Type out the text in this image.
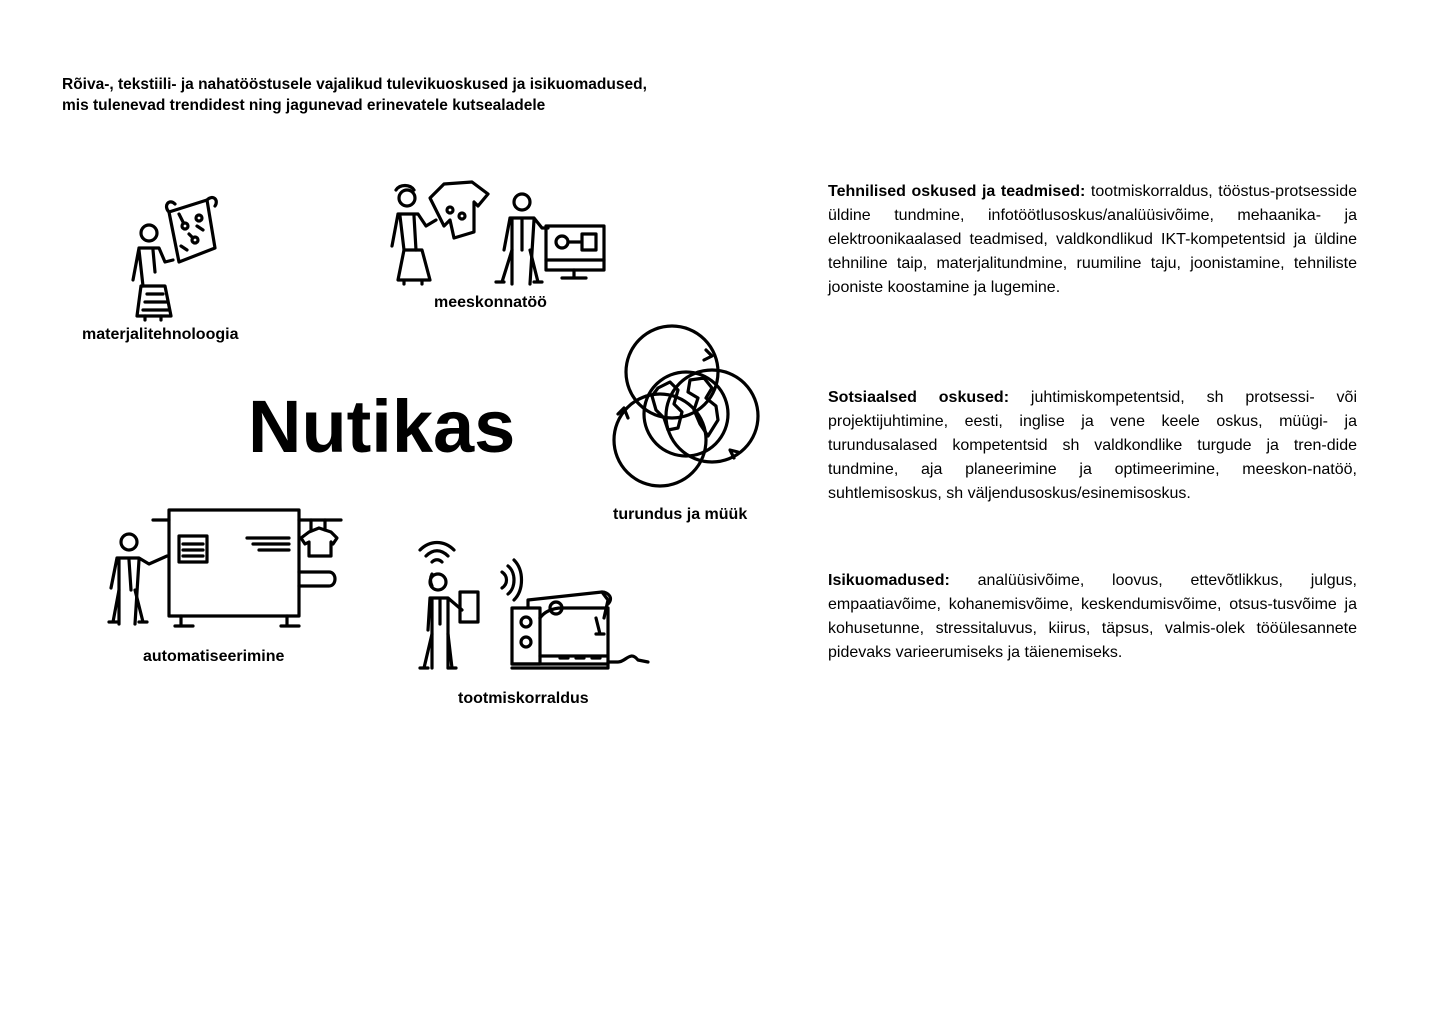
Rõiva-, tekstiili- ja nahatööstusele vajalikud tulevikuoskused ja isikuomadused,
mis tulenevad trendidest ning jagunevad erinevatele kutsealadele
materjalitehnoloogia
meeskonnatöö
Nutikas
turundus ja müük
automatiseerimine
tootmiskorraldus
Tehnilised oskused ja teadmised: tootmiskorraldus, tööstus-protsesside üldine tundmine, infotöötlusoskus/analüüsivõime, mehaanika- ja elektroonikaalased teadmised, valdkondlikud IKT-kompetentsid ja üldine tehniline taip, materjalitundmine, ruumiline taju, joonistamine, tehniliste jooniste koostamine ja lugemine.
Sotsiaalsed oskused: juhtimiskompetentsid, sh protsessi- või projektijuhtimine, eesti, inglise ja vene keele oskus, müügi- ja turundusalased kompetentsid sh valdkondlike turgude ja tren-dide tundmine, aja planeerimine ja optimeerimine, meeskon-natöö, suhtlemisoskus, sh väljendusoskus/esinemisoskus.
Isikuomadused: analüüsivõime, loovus, ettevõtlikkus, julgus, empaatiavõime, kohanemisvõime, keskendumisvõime, otsus-tusvõime ja kohusetunne, stressitaluvus, kiirus, täpsus, valmis-olek tööülesannete pidevaks varieerumiseks ja täienemiseks.
